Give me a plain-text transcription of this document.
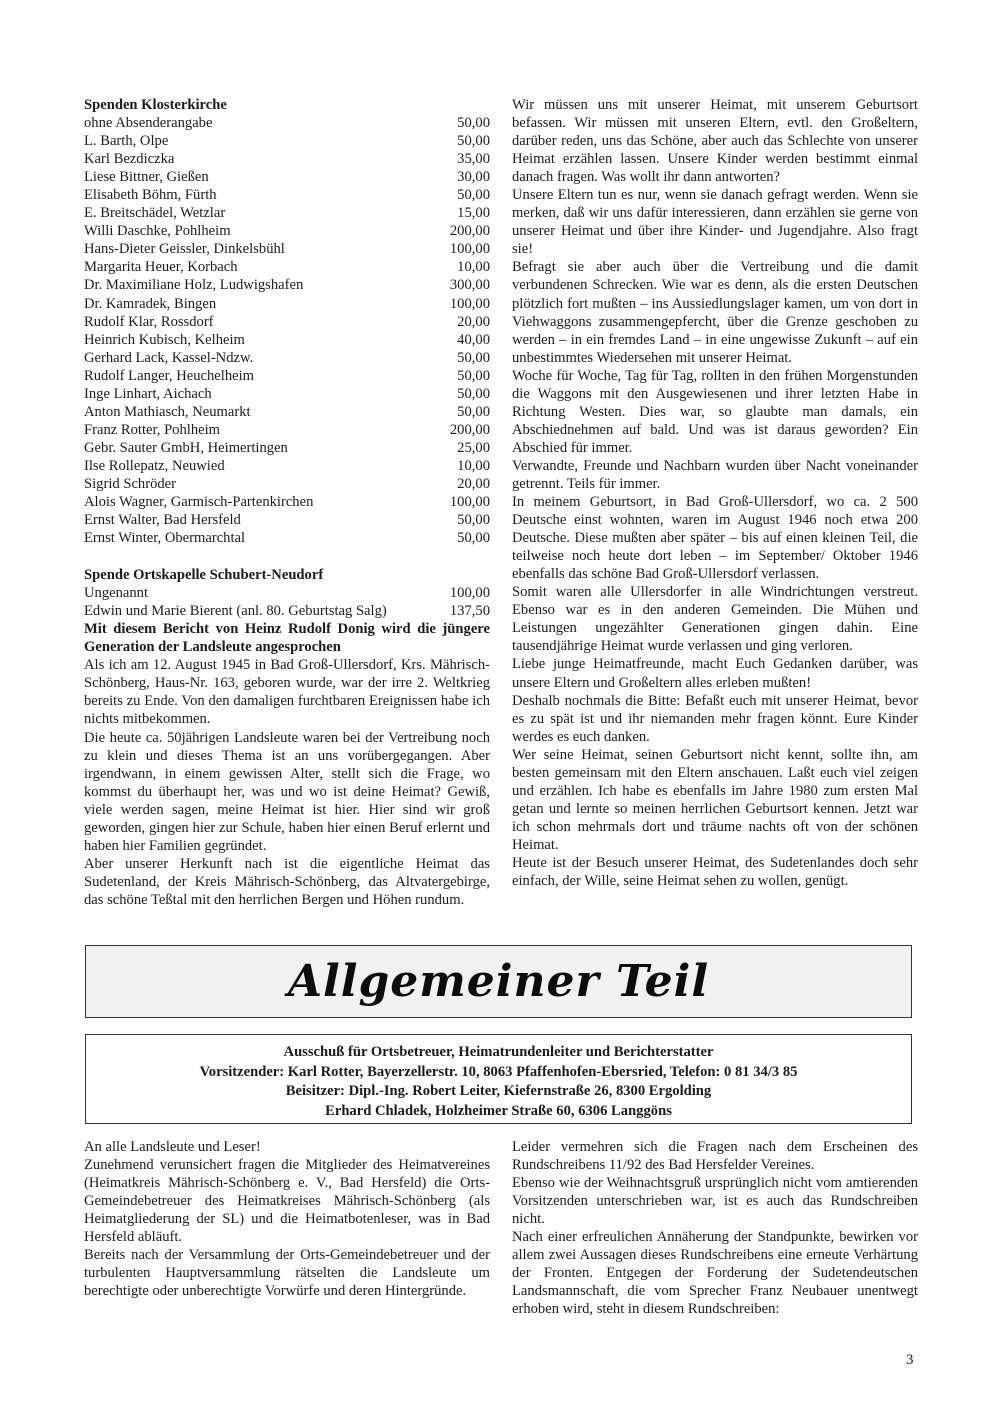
Spenden Klosterkirche

ohne Absenderangabe	50,00
L. Barth, Olpe	50,00
Karl Bezdiczka	35,00
Liese Bittner, Gießen	30,00
Elisabeth Böhm, Fürth	50,00
E. Breitschädel, Wetzlar	15,00
Willi Daschke, Pohlheim	200,00
Hans-Dieter Geissler, Dinkelsbühl	100,00
Margarita Heuer, Korbach	10,00
Dr. Maximiliane Holz, Ludwigshafen	300,00
Dr. Kamradek, Bingen	100,00
Rudolf Klar, Rossdorf	20,00
Heinrich Kubisch, Kelheim	40,00
Gerhard Lack, Kassel-Ndzw.	50,00
Rudolf Langer, Heuchelheim	50,00
Inge Linhart, Aichach	50,00
Anton Mathiasch, Neumarkt	50,00
Franz Rotter, Pohlheim	200,00
Gebr. Sauter GmbH, Heimertingen	25,00
Ilse Rollepatz, Neuwied	10,00
Sigrid Schröder	20,00
Alois Wagner, Garmisch-Partenkirchen	100,00
Ernst Walter, Bad Hersfeld	50,00
Ernst Winter, Obermarchtal	50,00

Spende Ortskapelle Schubert-Neudorf

Ungenannt	100,00
Edwin und Marie Bierent (anl. 80. Geburtstag Salg)	137,50

Mit diesem Bericht von Heinz Rudolf Donig wird die jüngere Generation der Landsleute angesprochen

Als ich am 12. August 1945 in Bad Groß-Ullersdorf, Krs. Mährisch-Schönberg, Haus-Nr. 163, geboren wurde, war der irre 2. Weltkrieg bereits zu Ende. Von den damaligen furchtbaren Ereignissen habe ich nichts mitbekommen.

Die heute ca. 50jährigen Landsleute waren bei der Vertreibung noch zu klein und dieses Thema ist an uns vorübergegangen. Aber irgendwann, in einem gewissen Alter, stellt sich die Frage, wo kommst du überhaupt her, was und wo ist deine Heimat? Gewiß, viele werden sagen, meine Heimat ist hier. Hier sind wir groß geworden, gingen hier zur Schule, haben hier einen Beruf erlernt und haben hier Familien gegründet.

Aber unserer Herkunft nach ist die eigentliche Heimat das Sudetenland, der Kreis Mährisch-Schönberg, das Altvatergebirge, das schöne Teßtal mit den herrlichen Bergen und Höhen rundum.

Wir müssen uns mit unserer Heimat, mit unserem Geburtsort befassen. Wir müssen mit unseren Eltern, evtl. den Großeltern, darüber reden, uns das Schöne, aber auch das Schlechte von unserer Heimat erzählen lassen. Unsere Kinder werden bestimmt einmal danach fragen. Was wollt ihr dann antworten?

Unsere Eltern tun es nur, wenn sie danach gefragt werden. Wenn sie merken, daß wir uns dafür interessieren, dann erzählen sie gerne von unserer Heimat und über ihre Kinder- und Jugendjahre. Also fragt sie!

Befragt sie aber auch über die Vertreibung und die damit verbundenen Schrecken. Wie war es denn, als die ersten Deutschen plötzlich fort mußten – ins Aussiedlungslager kamen, um von dort in Viehwaggons zusammengepfercht, über die Grenze geschoben zu werden – in ein fremdes Land – in eine ungewisse Zukunft – auf ein unbestimmtes Wiedersehen mit unserer Heimat.

Woche für Woche, Tag für Tag, rollten in den frühen Morgenstunden die Waggons mit den Ausgewiesenen und ihrer letzten Habe in Richtung Westen. Dies war, so glaubte man damals, ein Abschiednehmen auf bald. Und was ist daraus geworden? Ein Abschied für immer.

Verwandte, Freunde und Nachbarn wurden über Nacht voneinander getrennt. Teils für immer.

In meinem Geburtsort, in Bad Groß-Ullersdorf, wo ca. 2 500 Deutsche einst wohnten, waren im August 1946 noch etwa 200 Deutsche. Diese mußten aber später – bis auf einen kleinen Teil, die teilweise noch heute dort leben – im September/ Oktober 1946 ebenfalls das schöne Bad Groß-Ullersdorf verlassen.

Somit waren alle Ullersdorfer in alle Windrichtungen verstreut. Ebenso war es in den anderen Gemeinden. Die Mühen und Leistungen ungezählter Generationen gingen dahin. Eine tausendjährige Heimat wurde verlassen und ging verloren.

Liebe junge Heimatfreunde, macht Euch Gedanken darüber, was unsere Eltern und Großeltern alles erleben mußten!

Deshalb nochmals die Bitte: Befaßt euch mit unserer Heimat, bevor es zu spät ist und ihr niemanden mehr fragen könnt. Eure Kinder werdes es euch danken.

Wer seine Heimat, seinen Geburtsort nicht kennt, sollte ihn, am besten gemeinsam mit den Eltern anschauen. Laßt euch viel zeigen und erzählen. Ich habe es ebenfalls im Jahre 1980 zum ersten Mal getan und lernte so meinen herrlichen Geburtsort kennen. Jetzt war ich schon mehrmals dort und träume nachts oft von der schönen Heimat.

Heute ist der Besuch unserer Heimat, des Sudetenlandes doch sehr einfach, der Wille, seine Heimat sehen zu wollen, genügt.

Allgemeiner Teil
Ausschuß für Ortsbetreuer, Heimatrundenleiter und Berichterstatter
Vorsitzender: Karl Rotter, Bayerzellerstr. 10, 8063 Pfaffenhofen-Ebersried, Telefon: 0 81 34/3 85
Beisitzer: Dipl.-Ing. Robert Leiter, Kiefernstraße 26, 8300 Ergolding
Erhard Chladek, Holzheimer Straße 60, 6306 Langgöns

An alle Landsleute und Leser!

Zunehmend verunsichert fragen die Mitglieder des Heimatvereines (Heimatkreis Mährisch-Schönberg e. V., Bad Hersfeld) die Orts-Gemeindebetreuer des Heimatkreises Mährisch-Schönberg (als Heimatgliederung der SL) und die Heimatbotenleser, was in Bad Hersfeld abläuft.

Bereits nach der Versammlung der Orts-Gemeindebetreuer und der turbulenten Hauptversammlung rätselten die Landsleute um berechtigte oder unberechtigte Vorwürfe und deren Hintergründe.

Leider vermehren sich die Fragen nach dem Erscheinen des Rundschreibens 11/92 des Bad Hersfelder Vereines.

Ebenso wie der Weihnachtsgruß ursprünglich nicht vom amtierenden Vorsitzenden unterschrieben war, ist es auch das Rundschreiben nicht.

Nach einer erfreulichen Annäherung der Standpunkte, bewirken vor allem zwei Aussagen dieses Rundschreibens eine erneute Verhärtung der Fronten. Entgegen der Forderung der Sudetendeutschen Landsmannschaft, die vom Sprecher Franz Neubauer unentwegt erhoben wird, steht in diesem Rundschreiben:

3
